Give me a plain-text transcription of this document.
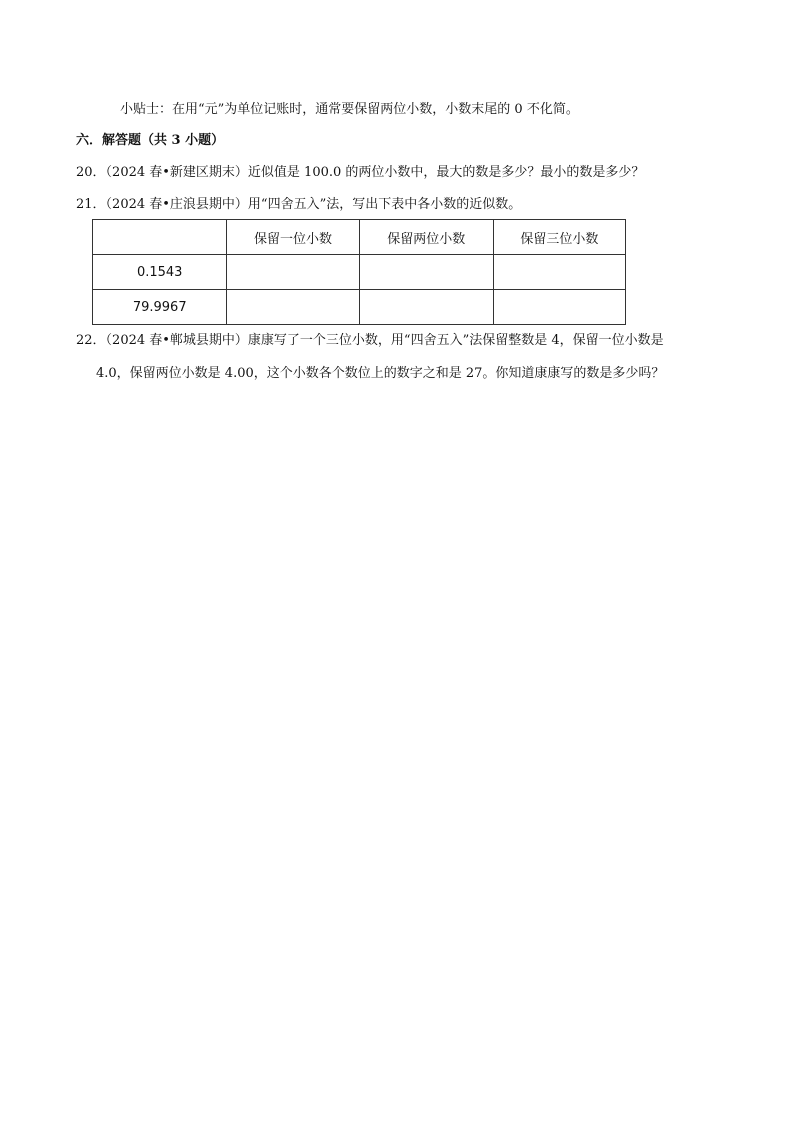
小贴士：在用“元”为单位记账时，通常要保留两位小数，小数末尾的 0 不化简。
六．解答题（共 3 小题）
20．（2024 春•新建区期末）近似值是 100.0 的两位小数中，最大的数是多少？最小的数是多少？
21．（2024 春•庄浪县期中）用“四舍五入”法，写出下表中各小数的近似数。
	保留一位小数	保留两位小数	保留三位小数
0.1543			
79.9967			
22．（2024 春•郸城县期中）康康写了一个三位小数，用“四舍五入”法保留整数是 4，保留一位小数是
4.0，保留两位小数是 4.00，这个小数各个数位上的数字之和是 27。你知道康康写的数是多少吗？
